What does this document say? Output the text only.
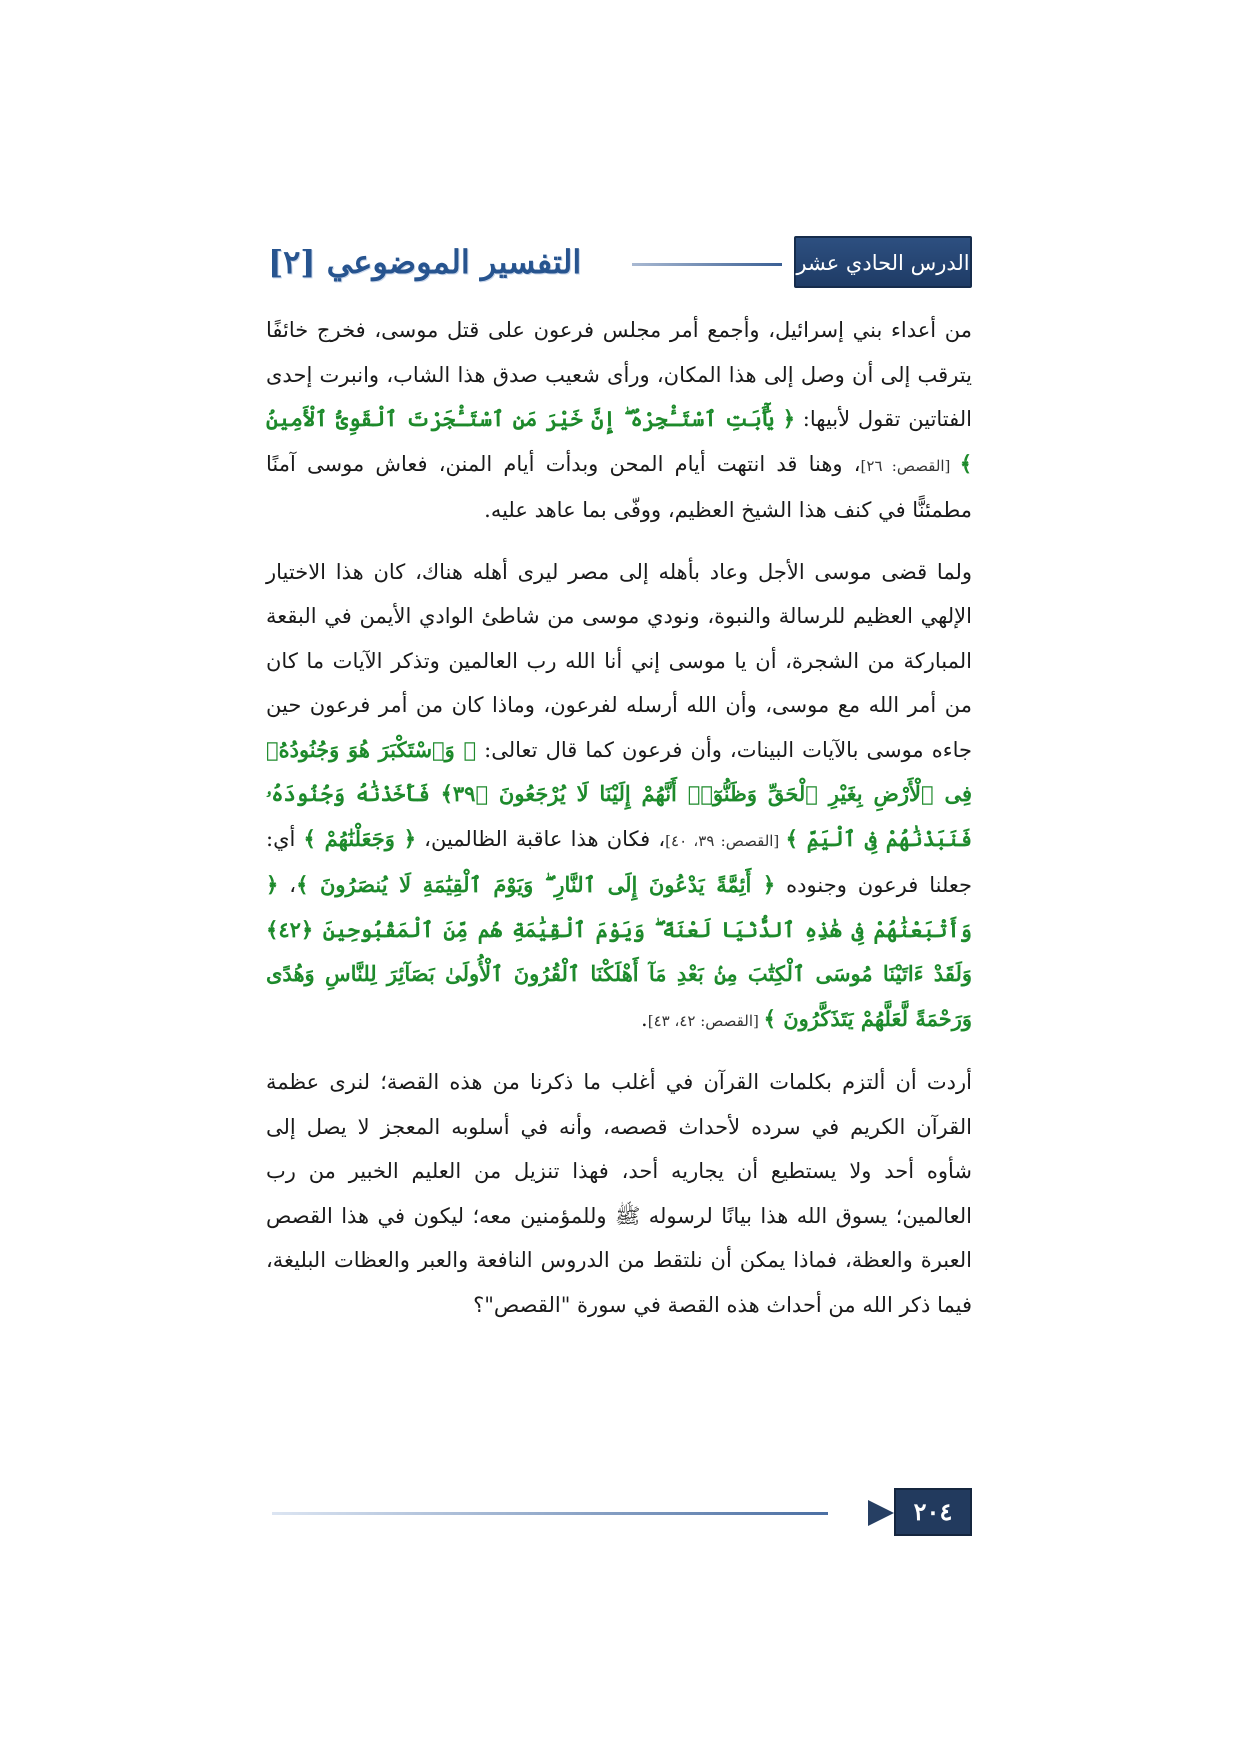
الدرس الحادي عشر
التفسير الموضوعي [٢]

من أعداء بني إسرائيل، وأجمع أمر مجلس فرعون على قتل موسى، فخرج خائفًا يترقب إلى أن وصل إلى هذا المكان، ورأى شعيب صدق هذا الشاب، وانبرت إحدى الفتاتين تقول لأبيها: ﴿ يَٰٓأَبَتِ ٱسْتَـْٔجِرْهُ ۖ إِنَّ خَيْرَ مَنِ ٱسْتَـْٔجَرْتَ ٱلْقَوِىُّ ٱلْأَمِينُ ﴾ [القصص: ٢٦]، وهنا قد انتهت أيام المحن وبدأت أيام المنن، فعاش موسى آمنًا مطمئنًّا في كنف هذا الشيخ العظيم، ووفّى بما عاهد عليه.

ولما قضى موسى الأجل وعاد بأهله إلى مصر ليرى أهله هناك، كان هذا الاختيار الإلهي العظيم للرسالة والنبوة، ونودي موسى من شاطئ الوادي الأيمن في البقعة المباركة من الشجرة، أن يا موسى إني أنا الله رب العالمين وتذكر الآيات ما كان من أمر الله مع موسى، وأن الله أرسله لفرعون، وماذا كان من أمر فرعون حين جاءه موسى بالآيات البينات، وأن فرعون كما قال تعالى: ﴿ وَٱسْتَكْبَرَ هُوَ وَجُنُودُهُۥ فِى ٱلْأَرْضِ بِغَيْرِ ٱلْحَقِّ وَظَنُّوٓا۟ أَنَّهُمْ إِلَيْنَا لَا يُرْجَعُونَ ﴿٣٩﴾ فَأَخَذْنَٰهُ وَجُنُودَهُۥ فَنَبَذْنَٰهُمْ فِى ٱلْيَمِّ ﴾ [القصص: ٣٩، ٤٠]، فكان هذا عاقبة الظالمين، ﴿ وَجَعَلْنَٰهُمْ ﴾ أي: جعلنا فرعون وجنوده ﴿ أَئِمَّةً يَدْعُونَ إِلَى ٱلنَّارِ ۖ وَيَوْمَ ٱلْقِيَٰمَةِ لَا يُنصَرُونَ ﴾، ﴿ وَأَتْبَعْنَٰهُمْ فِى هَٰذِهِ ٱلدُّنْيَا لَعْنَةً ۖ وَيَوْمَ ٱلْقِيَٰمَةِ هُم مِّنَ ٱلْمَقْبُوحِينَ ﴿٤٢﴾ وَلَقَدْ ءَاتَيْنَا مُوسَى ٱلْكِتَٰبَ مِنۢ بَعْدِ مَآ أَهْلَكْنَا ٱلْقُرُونَ ٱلْأُولَىٰ بَصَآئِرَ لِلنَّاسِ وَهُدًى وَرَحْمَةً لَّعَلَّهُمْ يَتَذَكَّرُونَ ﴾ [القصص: ٤٢، ٤٣].

أردت أن ألتزم بكلمات القرآن في أغلب ما ذكرنا من هذه القصة؛ لنرى عظمة القرآن الكريم في سرده لأحداث قصصه، وأنه في أسلوبه المعجز لا يصل إلى شأوه أحد ولا يستطيع أن يجاريه أحد، فهذا تنزيل من العليم الخبير من رب العالمين؛ يسوق الله هذا بيانًا لرسوله ﷺ وللمؤمنين معه؛ ليكون في هذا القصص العبرة والعظة، فماذا يمكن أن نلتقط من الدروس النافعة والعبر والعظات البليغة، فيما ذكر الله من أحداث هذه القصة في سورة "القصص"؟

٢٠٤
